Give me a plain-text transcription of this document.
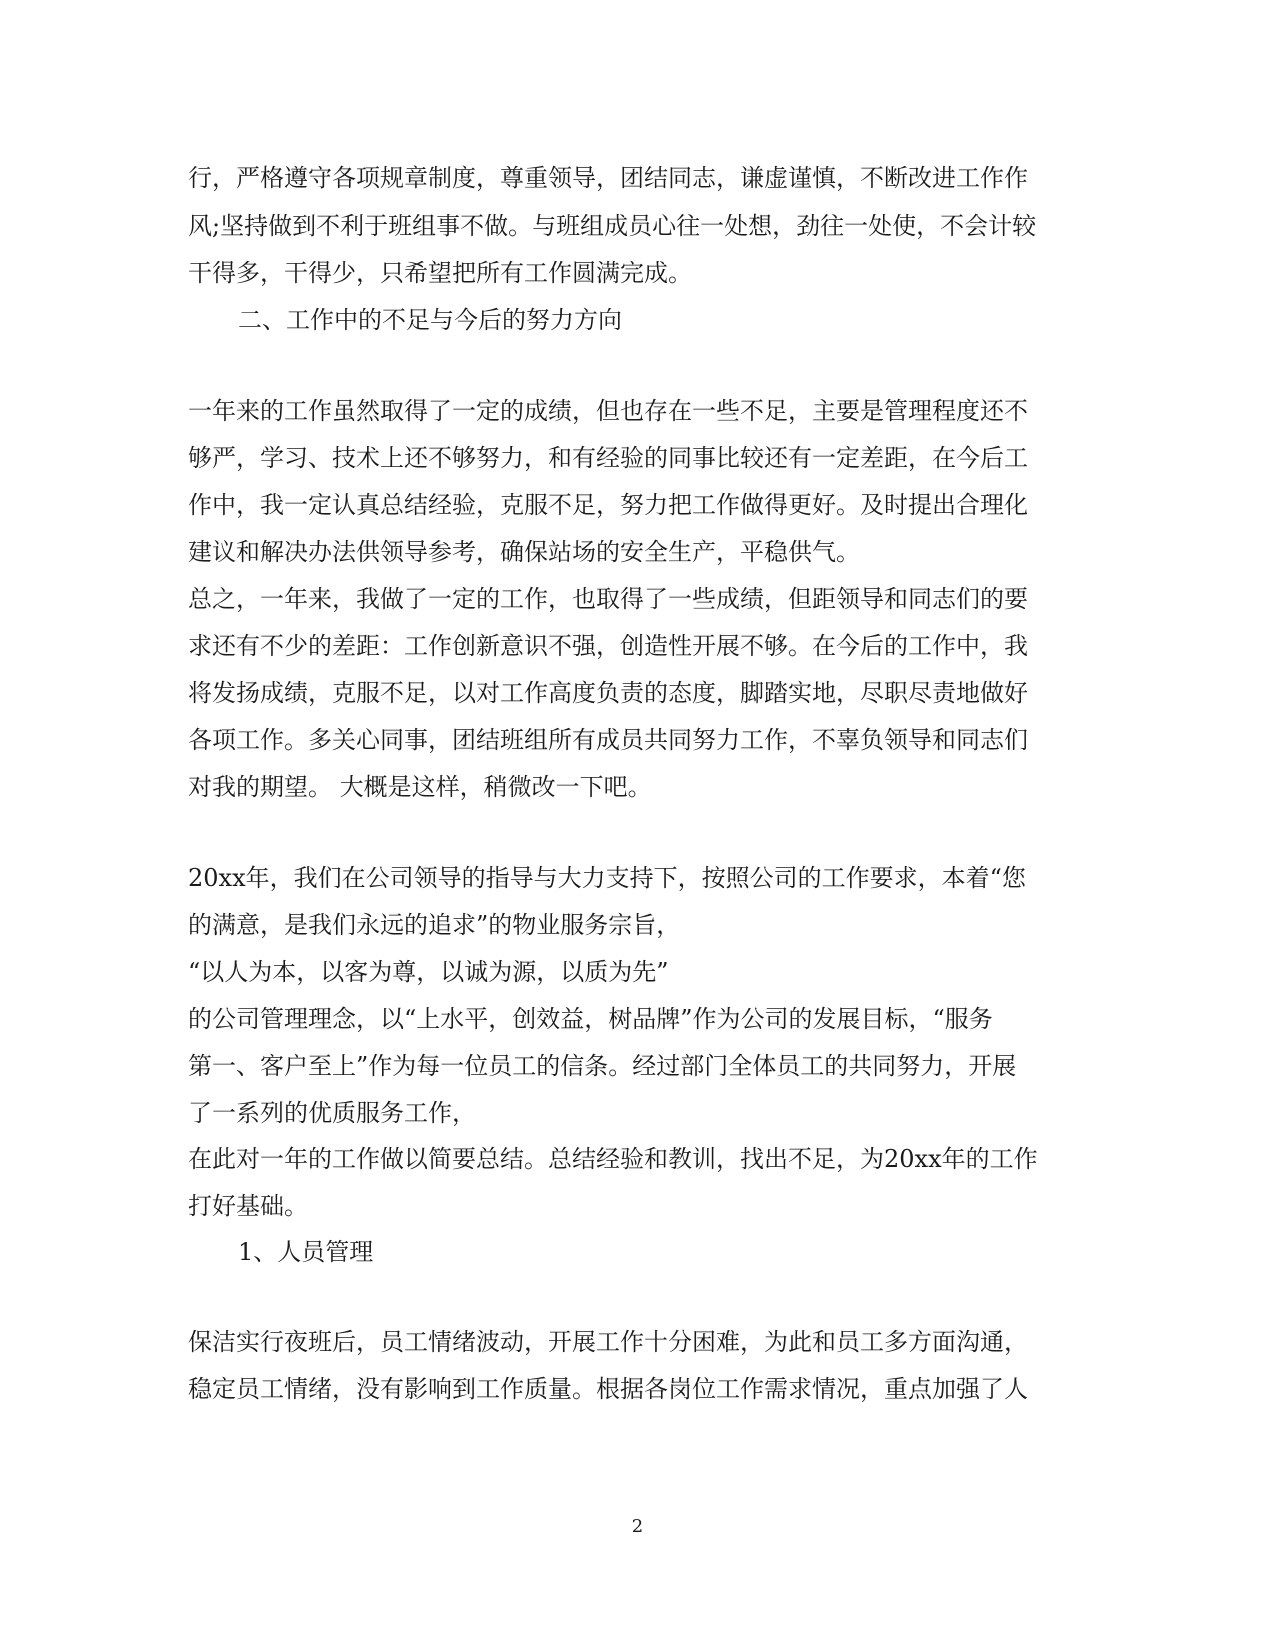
行，严格遵守各项规章制度，尊重领导，团结同志，谦虚谨慎，不断改进工作作
风;坚持做到不利于班组事不做。与班组成员心往一处想，劲往一处使，不会计较
干得多，干得少，只希望把所有工作圆满完成。
二、工作中的不足与今后的努力方向
一年来的工作虽然取得了一定的成绩，但也存在一些不足，主要是管理程度还不
够严，学习、技术上还不够努力，和有经验的同事比较还有一定差距，在今后工
作中，我一定认真总结经验，克服不足，努力把工作做得更好。及时提出合理化
建议和解决办法供领导参考，确保站场的安全生产，平稳供气。
总之，一年来，我做了一定的工作，也取得了一些成绩，但距领导和同志们的要
求还有不少的差距：工作创新意识不强，创造性开展不够。在今后的工作中，我
将发扬成绩，克服不足，以对工作高度负责的态度，脚踏实地，尽职尽责地做好
各项工作。多关心同事，团结班组所有成员共同努力工作，不辜负领导和同志们
对我的期望。 大概是这样，稍微改一下吧。
20xx年，我们在公司领导的指导与大力支持下，按照公司的工作要求，本着“您
的满意，是我们永远的追求”的物业服务宗旨，
“以人为本，以客为尊，以诚为源，以质为先”
的公司管理理念，以“上水平，创效益，树品牌”作为公司的发展目标，“服务
第一、客户至上”作为每一位员工的信条。经过部门全体员工的共同努力，开展
了一系列的优质服务工作，
在此对一年的工作做以简要总结。总结经验和教训，找出不足，为20xx年的工作
打好基础。
1、人员管理
保洁实行夜班后，员工情绪波动，开展工作十分困难，为此和员工多方面沟通，
稳定员工情绪，没有影响到工作质量。根据各岗位工作需求情况，重点加强了人
2
